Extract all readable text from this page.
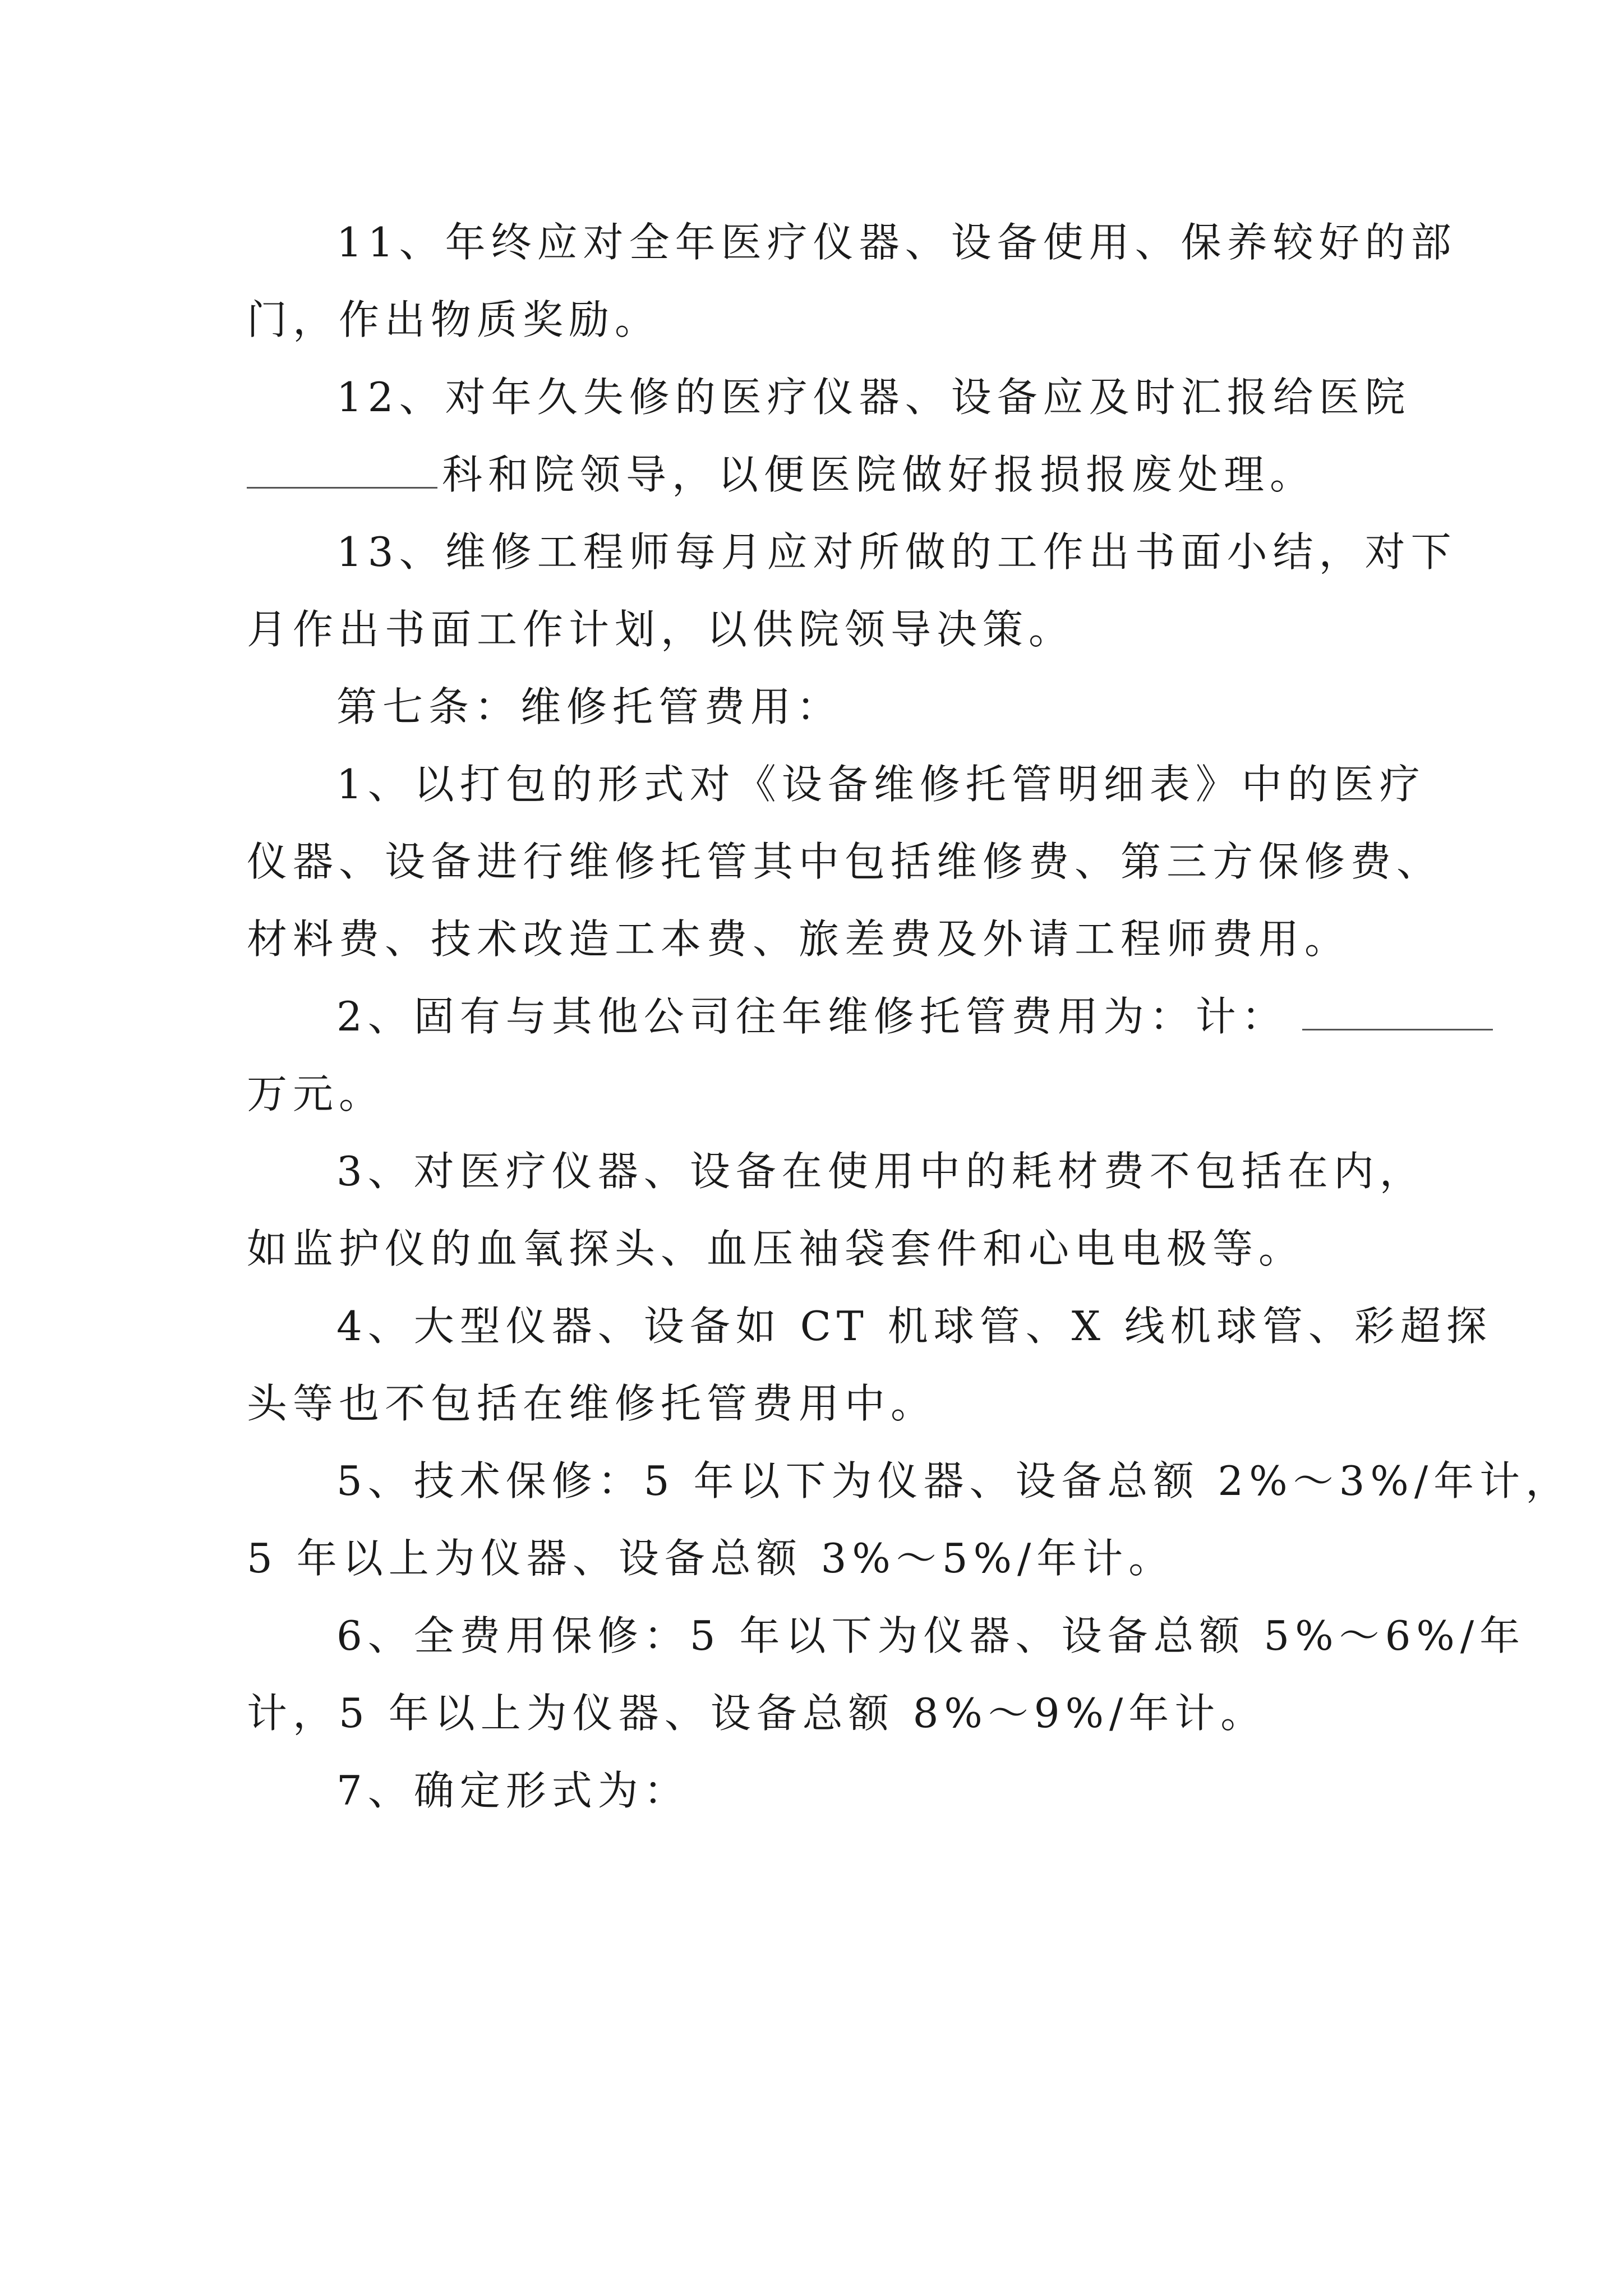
11、年终应对全年医疗仪器、设备使用、保养较好的部
门，作出物质奖励。
12、对年久失修的医疗仪器、设备应及时汇报给医院
科和院领导，以便医院做好报损报废处理。
13、维修工程师每月应对所做的工作出书面小结，对下
月作出书面工作计划，以供院领导决策。
第七条：维修托管费用：
1、以打包的形式对《设备维修托管明细表》中的医疗
仪器、设备进行维修托管其中包括维修费、第三方保修费、
材料费、技术改造工本费、旅差费及外请工程师费用。
2、固有与其他公司往年维修托管费用为：计：
万元。
3、对医疗仪器、设备在使用中的耗材费不包括在内，
如监护仪的血氧探头、血压袖袋套件和心电电极等。
4、大型仪器、设备如 CT 机球管、X 线机球管、彩超探
头等也不包括在维修托管费用中。
5、技术保修：5 年以下为仪器、设备总额 2%～3%/年计，
5 年以上为仪器、设备总额 3%～5%/年计。
6、全费用保修：5 年以下为仪器、设备总额 5%～6%/年
计，5 年以上为仪器、设备总额 8%～9%/年计。
7、确定形式为：
